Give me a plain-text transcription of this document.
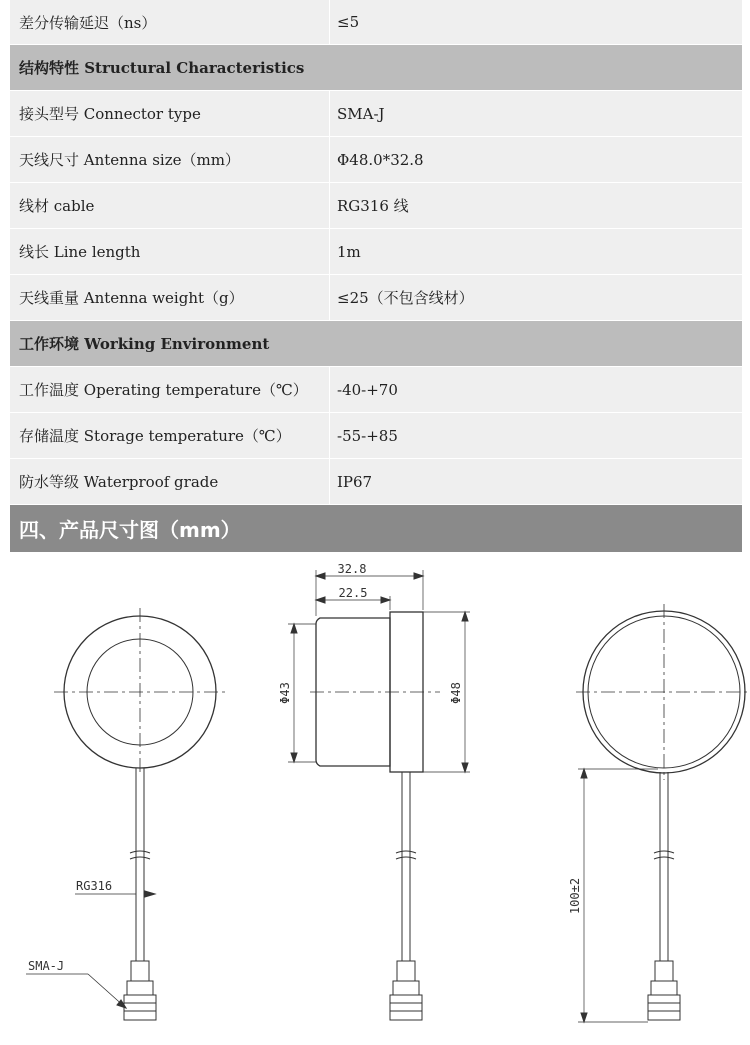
差分传输延迟（ns）	≤5
结构特性 Structural Characteristics
接头型号 Connector type	SMA-J
天线尺寸 Antenna size（mm）	Φ48.0*32.8
线材 cable	RG316 线
线长 Line length	1m
天线重量 Antenna weight（g）	≤25（不包含线材）
工作环境 Working Environment
工作温度 Operating temperature（℃）	-40-+70
存储温度 Storage temperature（℃）	-55-+85
防水等级 Waterproof grade	IP67
四、产品尺寸图（mm）
32.8
22.5
Φ43	Φ48
RG316
SMA-J
100±2
